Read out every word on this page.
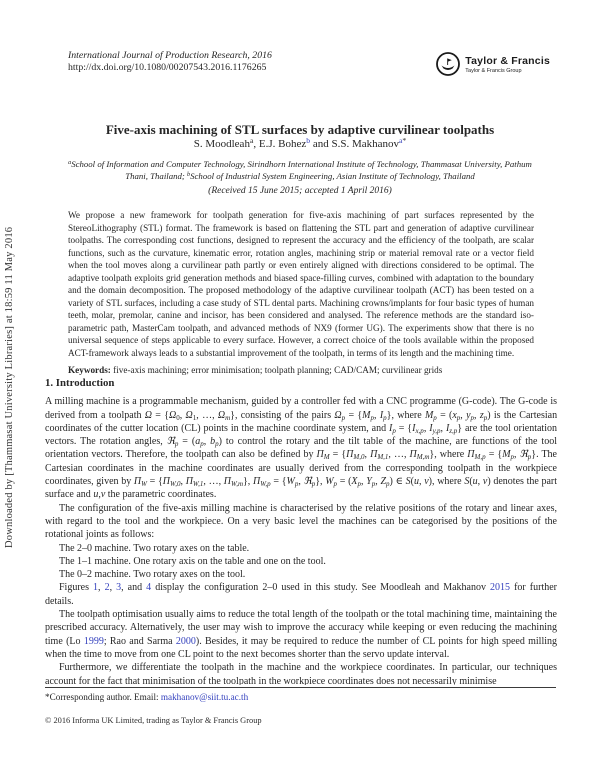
Downloaded by [Thammasat University Libraries] at 18:59 11 May 2016
International Journal of Production Research, 2016
http://dx.doi.org/10.1080/00207543.2016.1176265
Taylor & Francis
Taylor & Francis Group
Five-axis machining of STL surfaces by adaptive curvilinear toolpaths
S. Moodleah$^a$, E.J. Bohez$^b$ and S.S. Makhanov$^{a*}$
$^a$School of Information and Computer Technology, Sirindhorn International Institute of Technology, Thammasat University, Pathum Thani, Thailand; $^b$School of Industrial System Engineering, Asian Institute of Technology, Thailand
(Received 15 June 2015; accepted 1 April 2016)
We propose a new framework for toolpath generation for five-axis machining of part surfaces represented by the StereoLithography (STL) format. The framework is based on flattening the STL part and generation of adaptive curvilinear toolpaths. The corresponding cost functions, designed to represent the accuracy and the efficiency of the toolpath, are scalar functions, such as the curvature, kinematic error, rotation angles, machining strip or material removal rate or a vector field when the tool moves along a curvilinear path partly or even entirely aligned with directions considered to be optimal. The adaptive toolpath exploits grid generation methods and biased space-filling curves, combined with adaptation to the boundary and the domain decomposition. The proposed methodology of the adaptive curvilinear toolpath (ACT) has been tested on a variety of STL surfaces, including a case study of STL dental parts. Machining crowns/implants for four basic types of human teeth, molar, premolar, canine and incisor, has been considered and analysed. The reference methods are the standard iso-parametric path, MasterCam toolpath, and advanced methods of NX9 (former UG). The experiments show that there is no universal sequence of steps applicable to every surface. However, a correct choice of the tools available within the proposed ACT-framework always leads to a substantial improvement of the toolpath, in terms of its length and the machining time.
Keywords: five-axis machining; error minimisation; toolpath planning; CAD/CAM; curvilinear grids
1. Introduction

A milling machine is a programmable mechanism, guided by a controller fed with a CNC programme (G-code). The G-code is derived from a toolpath Ω = {Ω0, Ω1, …, Ωm}, consisting of the pairs Ωp = {Mp, Ip}, where Mp = (xp, yp, zp) is the Cartesian coordinates of the cutter location (CL) points in the machine coordinate system, and Ip = {Ix,p, Iy,p, Iz,p} are the tool orientation vectors. The rotation angles, ℜp = (ap, bp) to control the rotary and the tilt table of the machine, are functions of the tool orientation vectors. Therefore, the toolpath can also be defined by ΠM = {ΠM,0, ΠM,1, …, ΠM,m}, where ΠM,p = {Mp, ℜp}. The Cartesian coordinates in the machine coordinates are usually derived from the corresponding toolpath in the workpiece coordinates, given by ΠW = {ΠW,0, ΠW,1, …, ΠW,m}, ΠW,p = {Wp, ℜp}, Wp = (Xp, Yp, Zp) ∈ S(u, v), where S(u, v) denotes the part surface and u,v the parametric coordinates.

The configuration of the five-axis milling machine is characterised by the relative positions of the rotary and linear axes, with regard to the tool and the workpiece. On a very basic level the machines can be categorised by the positions of the rotational joints as follows:

The 2–0 machine. Two rotary axes on the table.
The 1–1 machine. One rotary axis on the table and one on the tool.
The 0–2 machine. Two rotary axes on the tool.

Figures 1, 2, 3, and 4 display the configuration 2–0 used in this study. See Moodleah and Makhanov 2015 for further details.

The toolpath optimisation usually aims to reduce the total length of the toolpath or the total machining time, maintaining the prescribed accuracy. Alternatively, the user may wish to improve the accuracy while keeping or even reducing the machining time (Lo 1999; Rao and Sarma 2000). Besides, it may be required to reduce the number of CL points for high speed milling when the time to move from one CL point to the next becomes shorter than the servo update interval.

Furthermore, we differentiate the toolpath in the machine and the workpiece coordinates. In particular, our techniques account for the fact that minimisation of the toolpath in the workpiece coordinates does not necessarily minimise

*Corresponding author. Email: makhanov@siit.tu.ac.th
© 2016 Informa UK Limited, trading as Taylor & Francis Group
